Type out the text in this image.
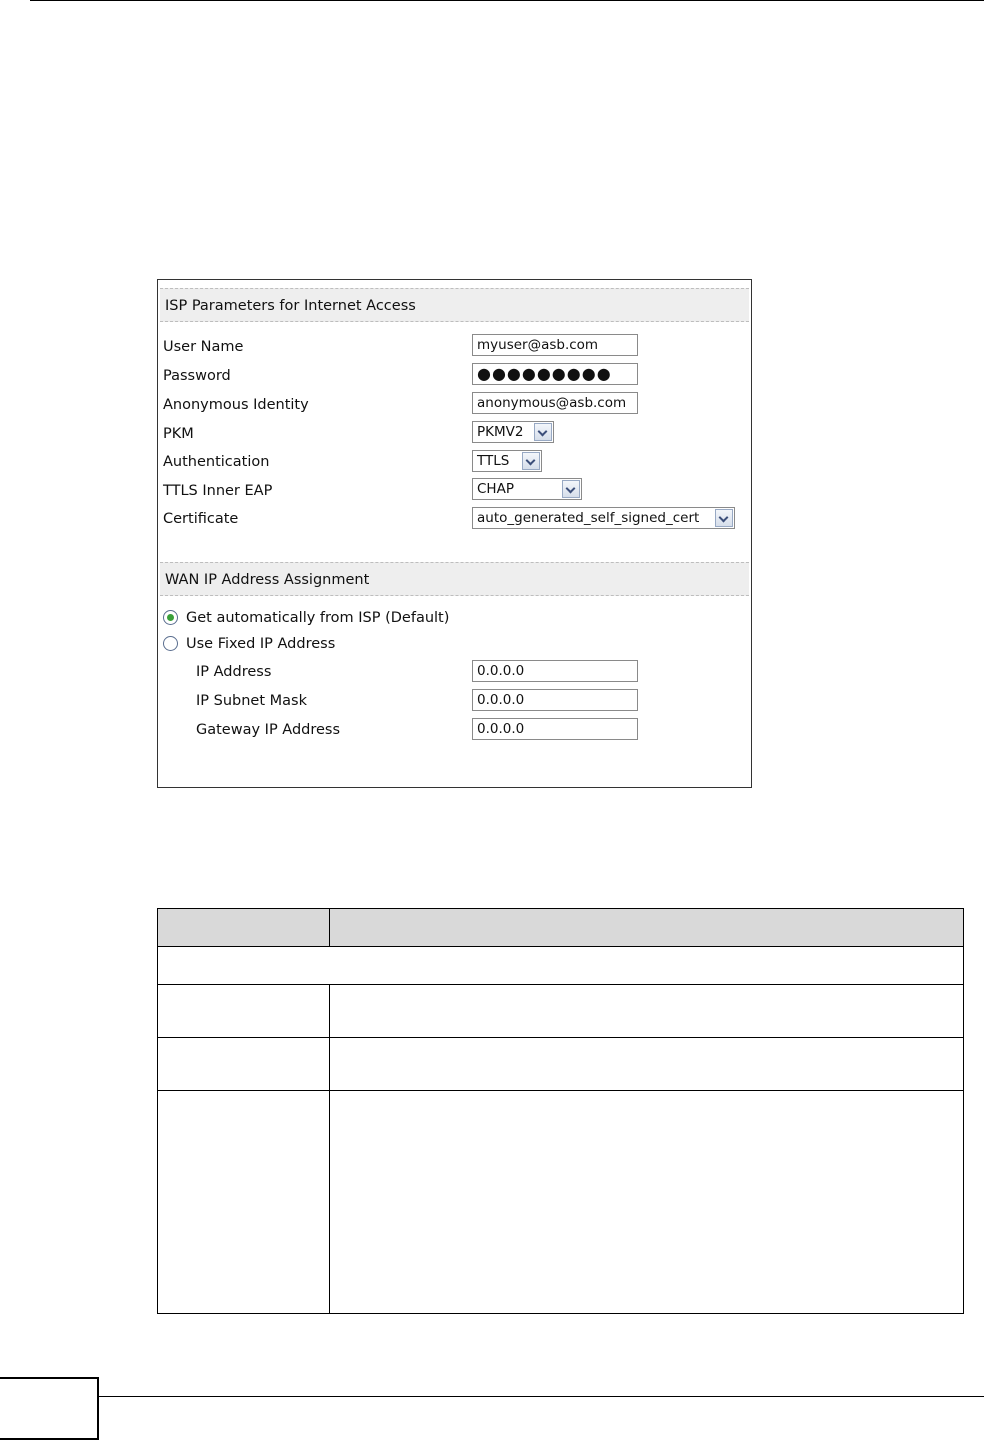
ISP Parameters for Internet Access
User Name	myuser@asb.com
Password	●●●●●●●●●
Anonymous Identity	anonymous@asb.com
PKM	PKMV2
Authentication	TTLS
TTLS Inner EAP	CHAP
Certificate	auto_generated_self_signed_cert
WAN IP Address Assignment
Get automatically from ISP (Default)
Use Fixed IP Address
IP Address	0.0.0.0
IP Subnet Mask	0.0.0.0
Gateway IP Address	0.0.0.0
